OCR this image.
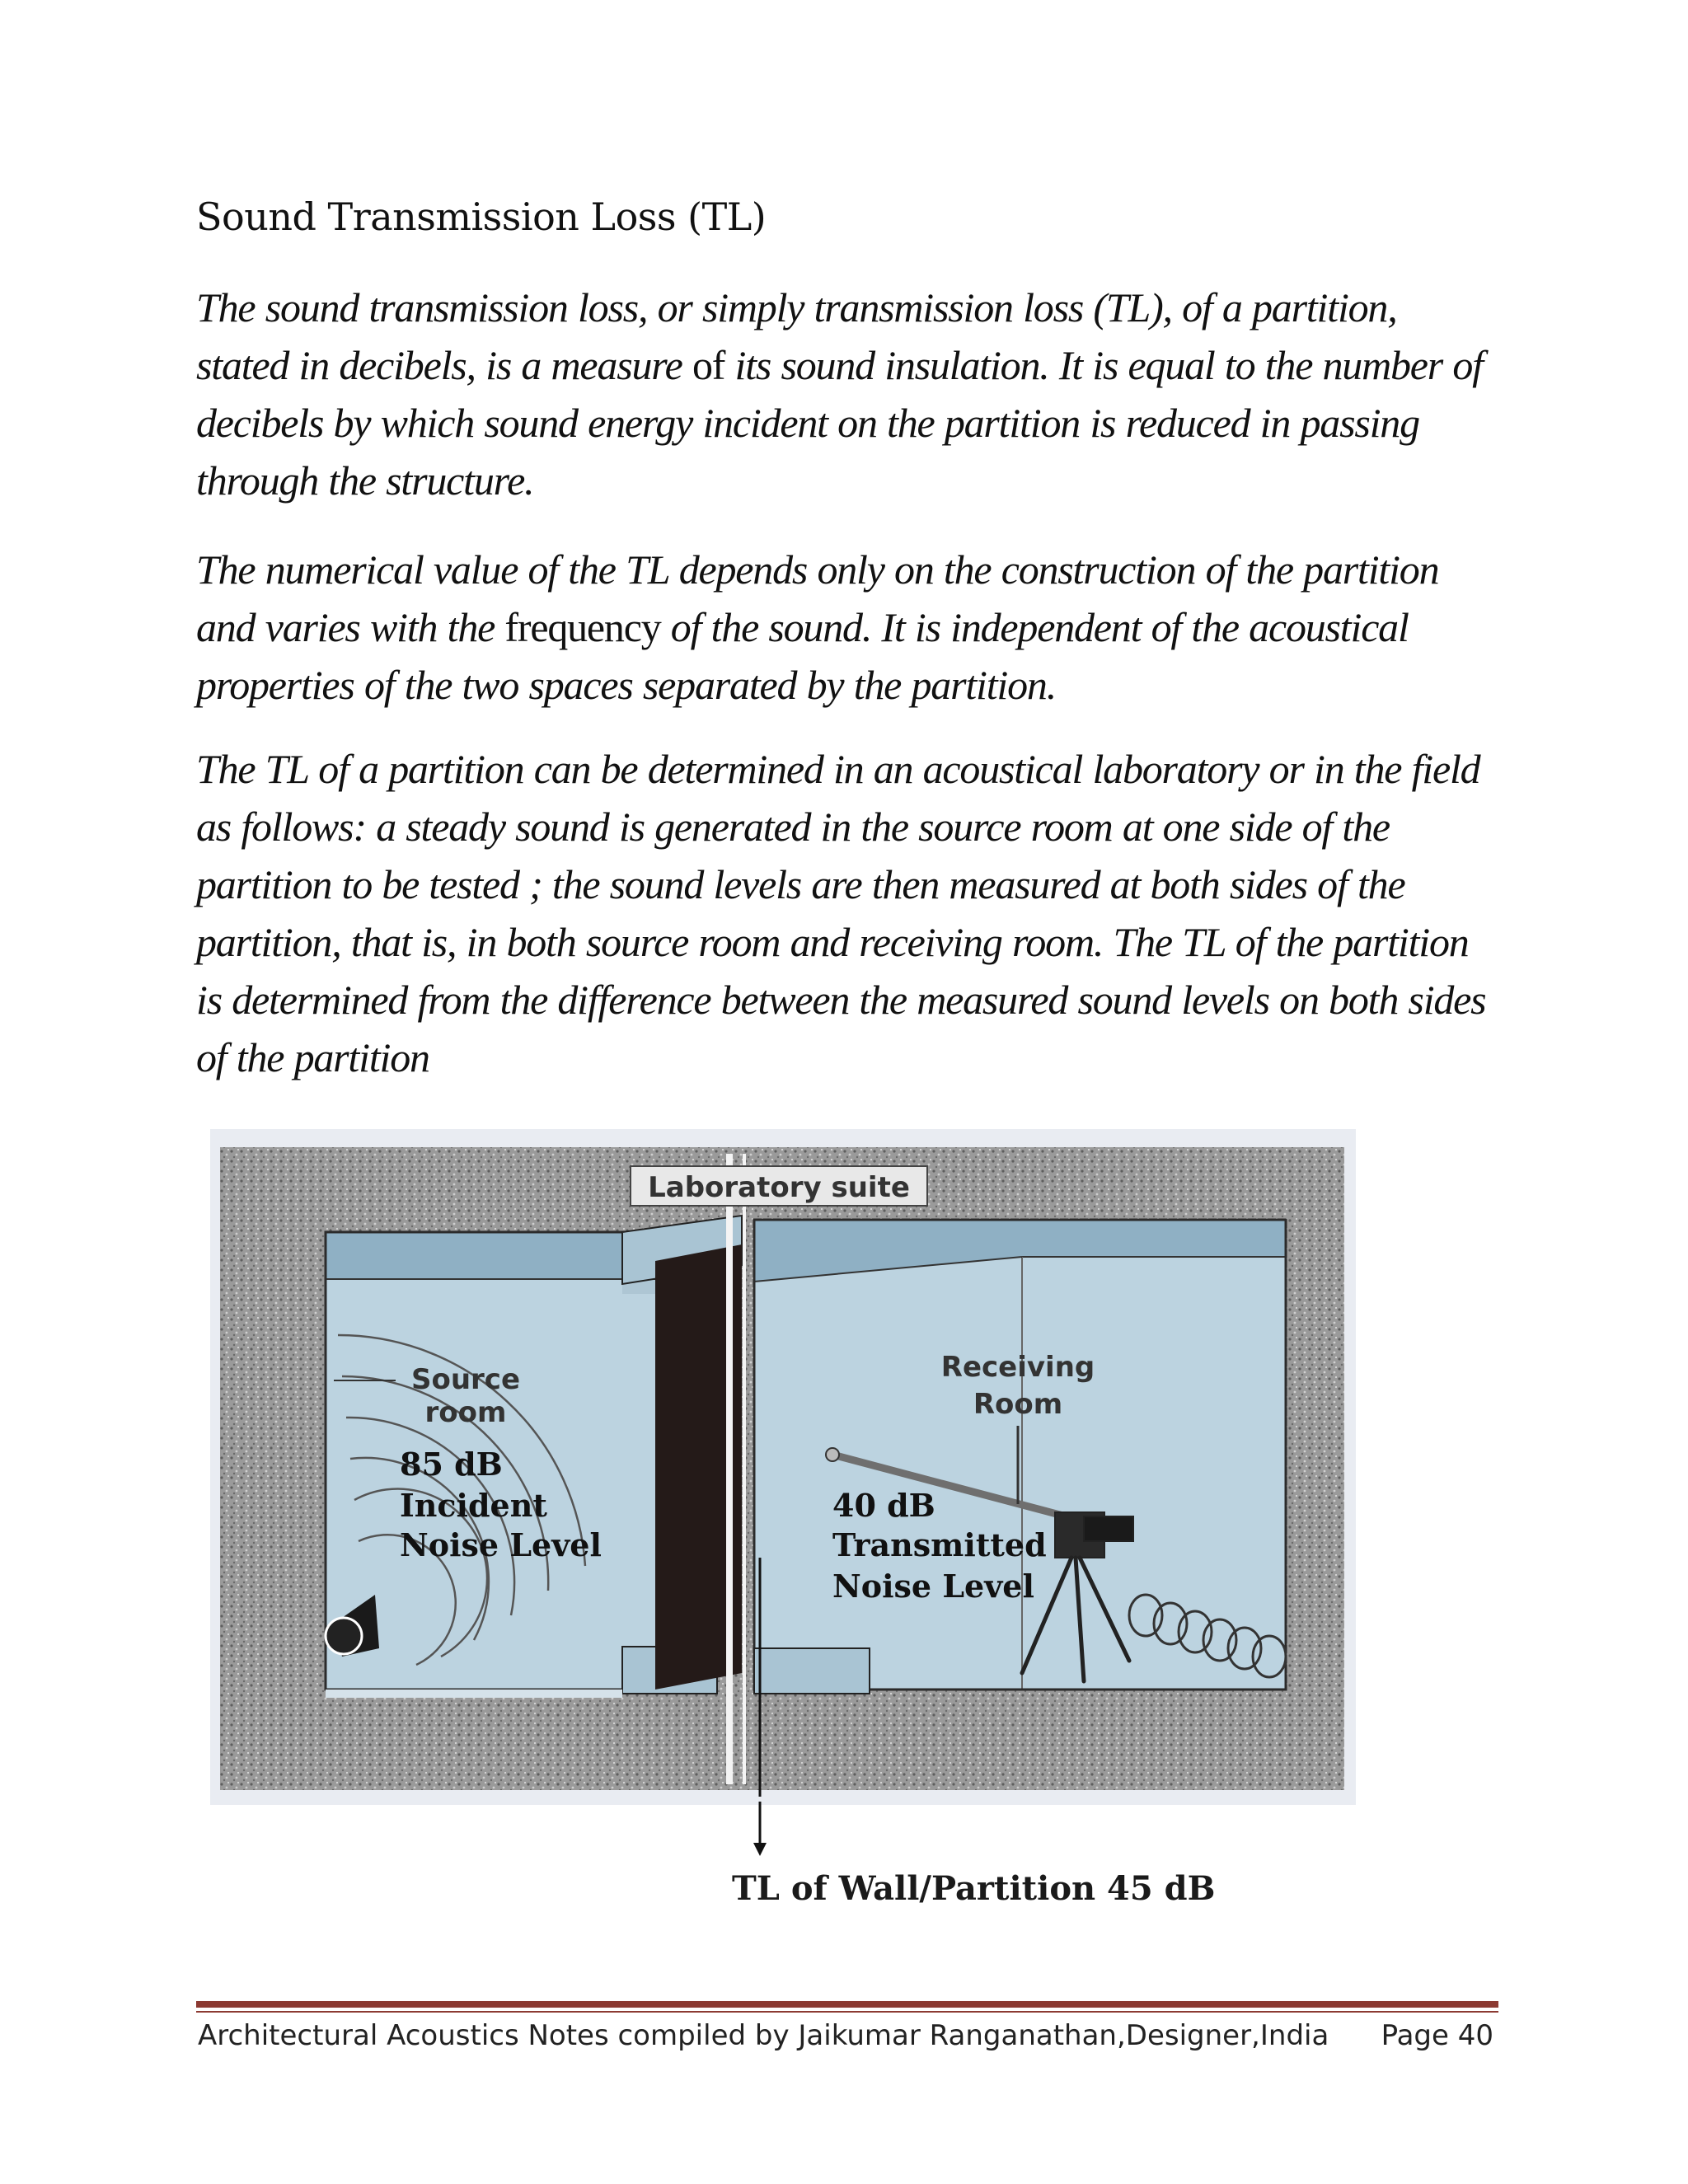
Sound Transmission Loss (TL)

The sound transmission loss, or simply transmission loss (TL), of a partition, stated in decibels, is a measure of its sound insulation. It is equal to the number of decibels by which sound energy incident on the partition is reduced in passing through the structure.

The numerical value of the TL depends only on the construction of the partition and varies with the frequency of the sound. It is independent of the acoustical properties of the two spaces separated by the partition.

The TL of a partition can be determined in an acoustical laboratory or in the field as follows: a steady sound is generated in the source room at one side of the partition to be tested ; the sound levels are then measured at both sides of the partition, that is, in both source room and receiving room. The TL of the partition is determined from the difference between the measured sound levels on both sides of the partition

Laboratory suite
Source
room
Receiving
Room
85 dB
Incident
Noise Level
40 dB
Transmitted
Noise Level
TL of Wall/Partition 45 dB
Architectural Acoustics Notes compiled by Jaikumar Ranganathan,Designer,India Page 40
